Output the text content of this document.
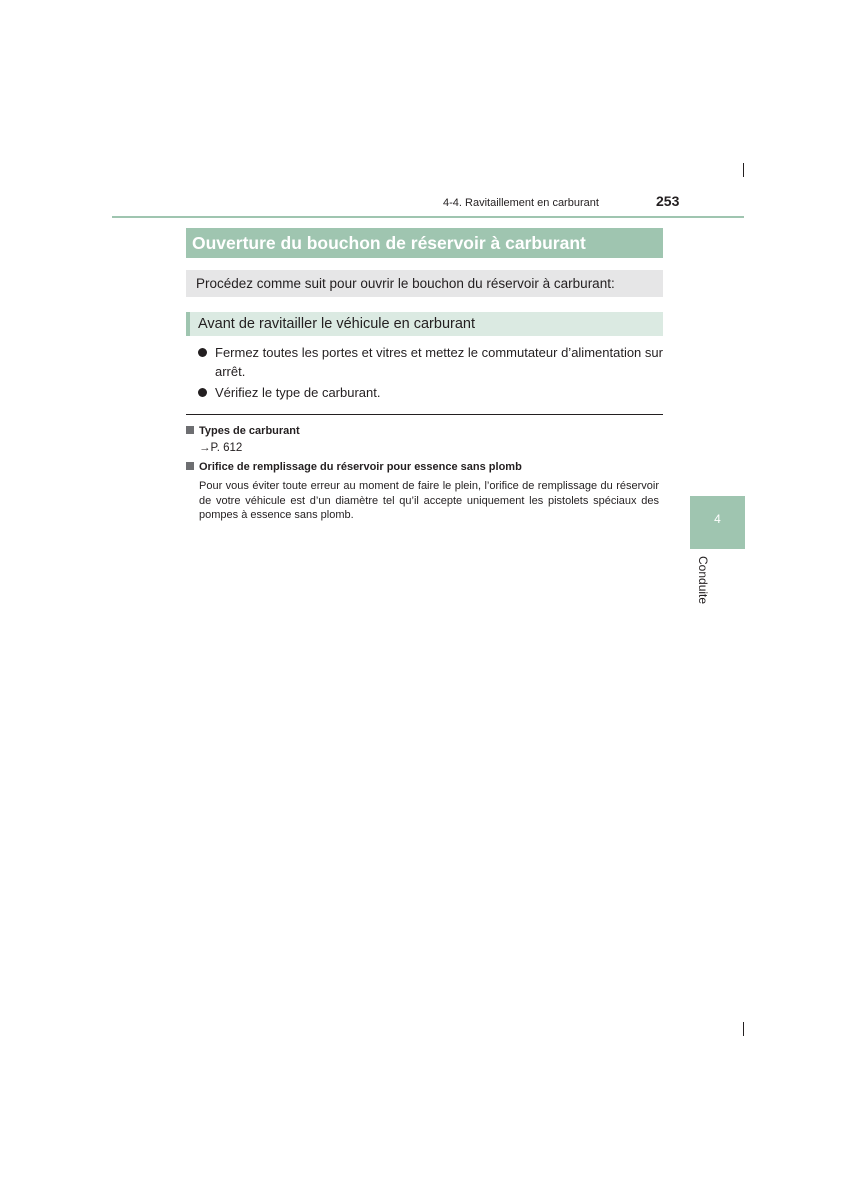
4-4. Ravitaillement en carburant	253
Ouverture du bouchon de réservoir à carburant
Procédez comme suit pour ouvrir le bouchon du réservoir à carburant:
Avant de ravitailler le véhicule en carburant
Fermez toutes les portes et vitres et mettez le commutateur d’alimentation sur arrêt.
Vérifiez le type de carburant.
Types de carburant
→P. 612
Orifice de remplissage du réservoir pour essence sans plomb
Pour vous éviter toute erreur au moment de faire le plein, l’orifice de remplissage du réservoir de votre véhicule est d’un diamètre tel qu’il accepte uniquement les pistolets spéciaux des pompes à essence sans plomb.	4
Conduite
